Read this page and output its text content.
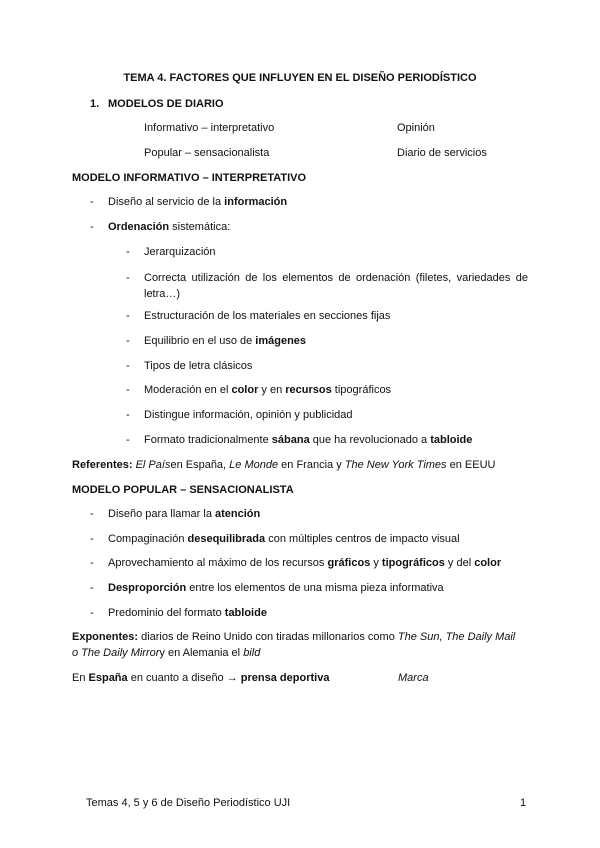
TEMA 4. FACTORES QUE INFLUYEN EN EL DISEÑO PERIODÍSTICO
1. MODELOS DE DIARIO
Informativo – interpretativo	Opinión
Popular – sensacionalista	Diario de servicios
MODELO INFORMATIVO – INTERPRETATIVO
- Diseño al servicio de la información
- Ordenación sistemática:
- Jerarquización
-	Correcta utilización de los elementos de ordenación (filetes, variedades de letra…)
- Estructuración de los materiales en secciones fijas
- Equilibrio en el uso de imágenes
- Tipos de letra clásicos
- Moderación en el color y en recursos tipográficos
- Distingue información, opinión y publicidad
- Formato tradicionalmente sábana que ha revolucionado a tabloide
Referentes: El Paísen España, Le Monde en Francia y The New York Times en EEUU
MODELO POPULAR – SENSACIONALISTA
- Diseño para llamar la atención
- Compaginación desequilibrada con múltiples centros de impacto visual
- Aprovechamiento al máximo de los recursos gráficos y tipográficos y del color
- Desproporción entre los elementos de una misma pieza informativa
- Predominio del formato tabloide
Exponentes: diarios de Reino Unido con tiradas millonarios como The Sun, The Daily Mail
o The Daily Mirrory en Alemania el bild
En España en cuanto a diseño → prensa deportiva	Marca
Temas 4, 5 y 6 de Diseño Periodístico UJI	1
